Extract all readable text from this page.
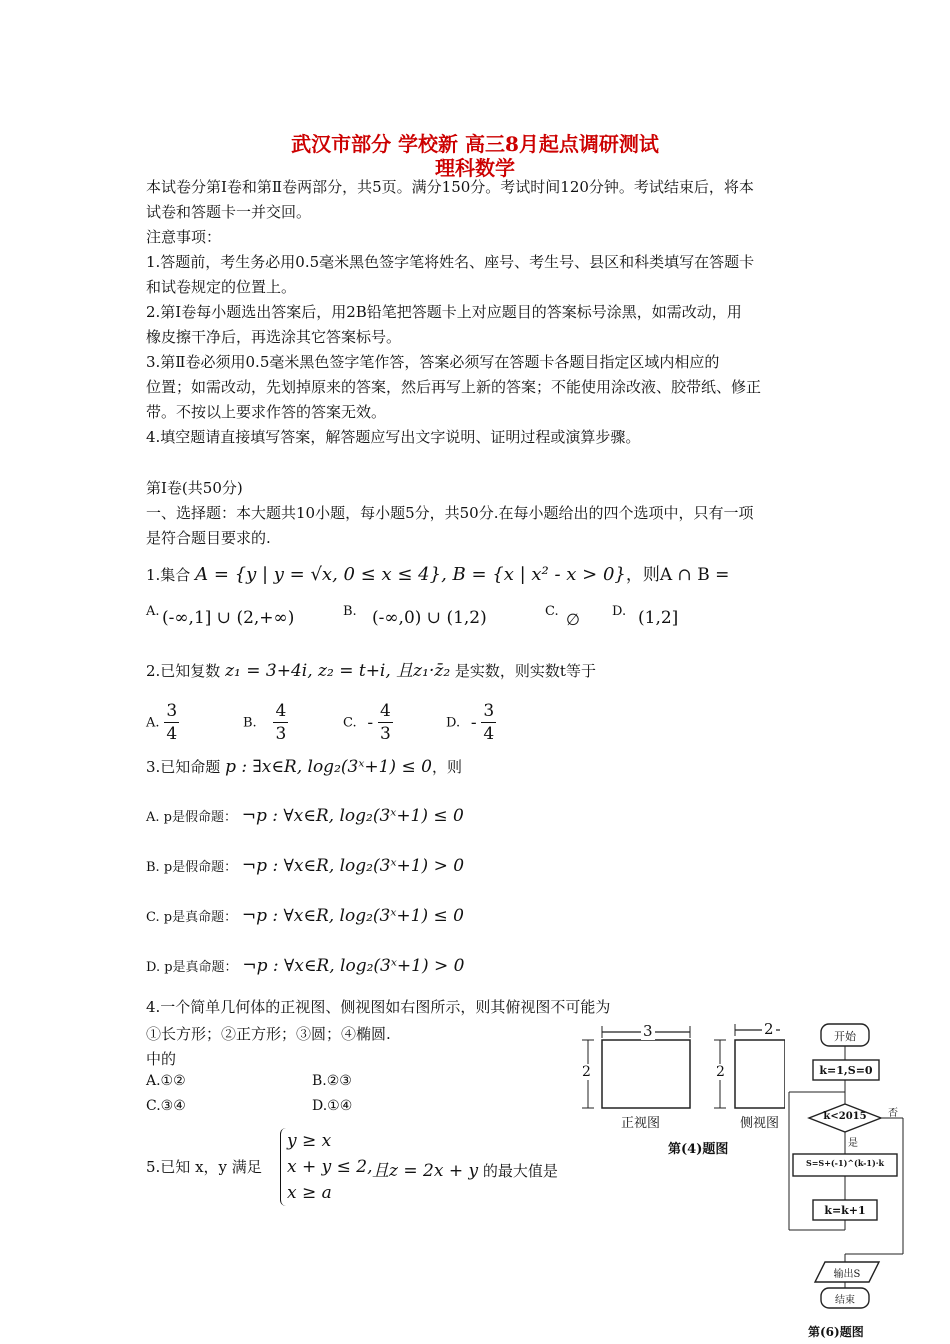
武汉市部分 学校新 高三8月起点调研测试
理科数学
本试卷分第Ⅰ卷和第Ⅱ卷两部分，共5页。满分150分。考试时间120分钟。考试结束后，将本
试卷和答题卡一并交回。
注意事项：
1.答题前，考生务必用0.5毫米黑色签字笔将姓名、座号、考生号、县区和科类填写在答题卡
和试卷规定的位置上。
2.第Ⅰ卷每小题选出答案后，用2B铅笔把答题卡上对应题目的答案标号涂黑，如需改动，用
橡皮擦干净后，再选涂其它答案标号。
3.第Ⅱ卷必须用0.5毫米黑色签字笔作答，答案必须写在答题卡各题目指定区域内相应的
位置；如需改动，先划掉原来的答案，然后再写上新的答案；不能使用涂改液、胶带纸、修正
带。不按以上要求作答的答案无效。
4.填空题请直接填写答案，解答题应写出文字说明、证明过程或演算步骤。
第Ⅰ卷(共50分)
一、选择题：本大题共10小题，每小题5分，共50分.在每小题给出的四个选项中，只有一项
是符合题目要求的.
1.集合 A = {y | y = √x, 0 ≤ x ≤ 4}, B = {x | x² - x > 0}，则A ∩ B =
A. (-∞,1] ∪ (2,+∞)	B. (-∞,0) ∪ (1,2)	C. ∅ D. (1,2]
2.已知复数 z₁ = 3+4i, z₂ = t+i, 且z₁·z̄₂ 是实数，则实数t等于
A. $\frac{3}{4}$	B. $\frac{4}{3}$	C. - $\frac{4}{3}$	D. - $\frac{3}{4}$
3.已知命题 p : ∃x∈R, log₂(3ˣ+1) ≤ 0，则
A. p是假命题： ¬p : ∀x∈R, log₂(3ˣ+1) ≤ 0
B. p是假命题： ¬p : ∀x∈R, log₂(3ˣ+1) > 0
C. p是真命题： ¬p : ∀x∈R, log₂(3ˣ+1) ≤ 0
D. p是真命题： ¬p : ∀x∈R, log₂(3ˣ+1) > 0
4.一个简单几何体的正视图、侧视图如右图所示，则其俯视图不可能为
①长方形；②正方形；③圆；④椭圆.
中的
A.①②	B.②③
C.③④	D.①④
5.已知 x，y 满足
y ≥ x
x + y ≤ 2,
x ≥ a
且z = 2x + y 的最大值是
3
2
2
2
正视图	侧视图
第(4)题图
开始
k=1,S=0
k<2015	否
是
S=S+(-1)^(k-1)·k
k=k+1
输出S
结束
第(6)题图
